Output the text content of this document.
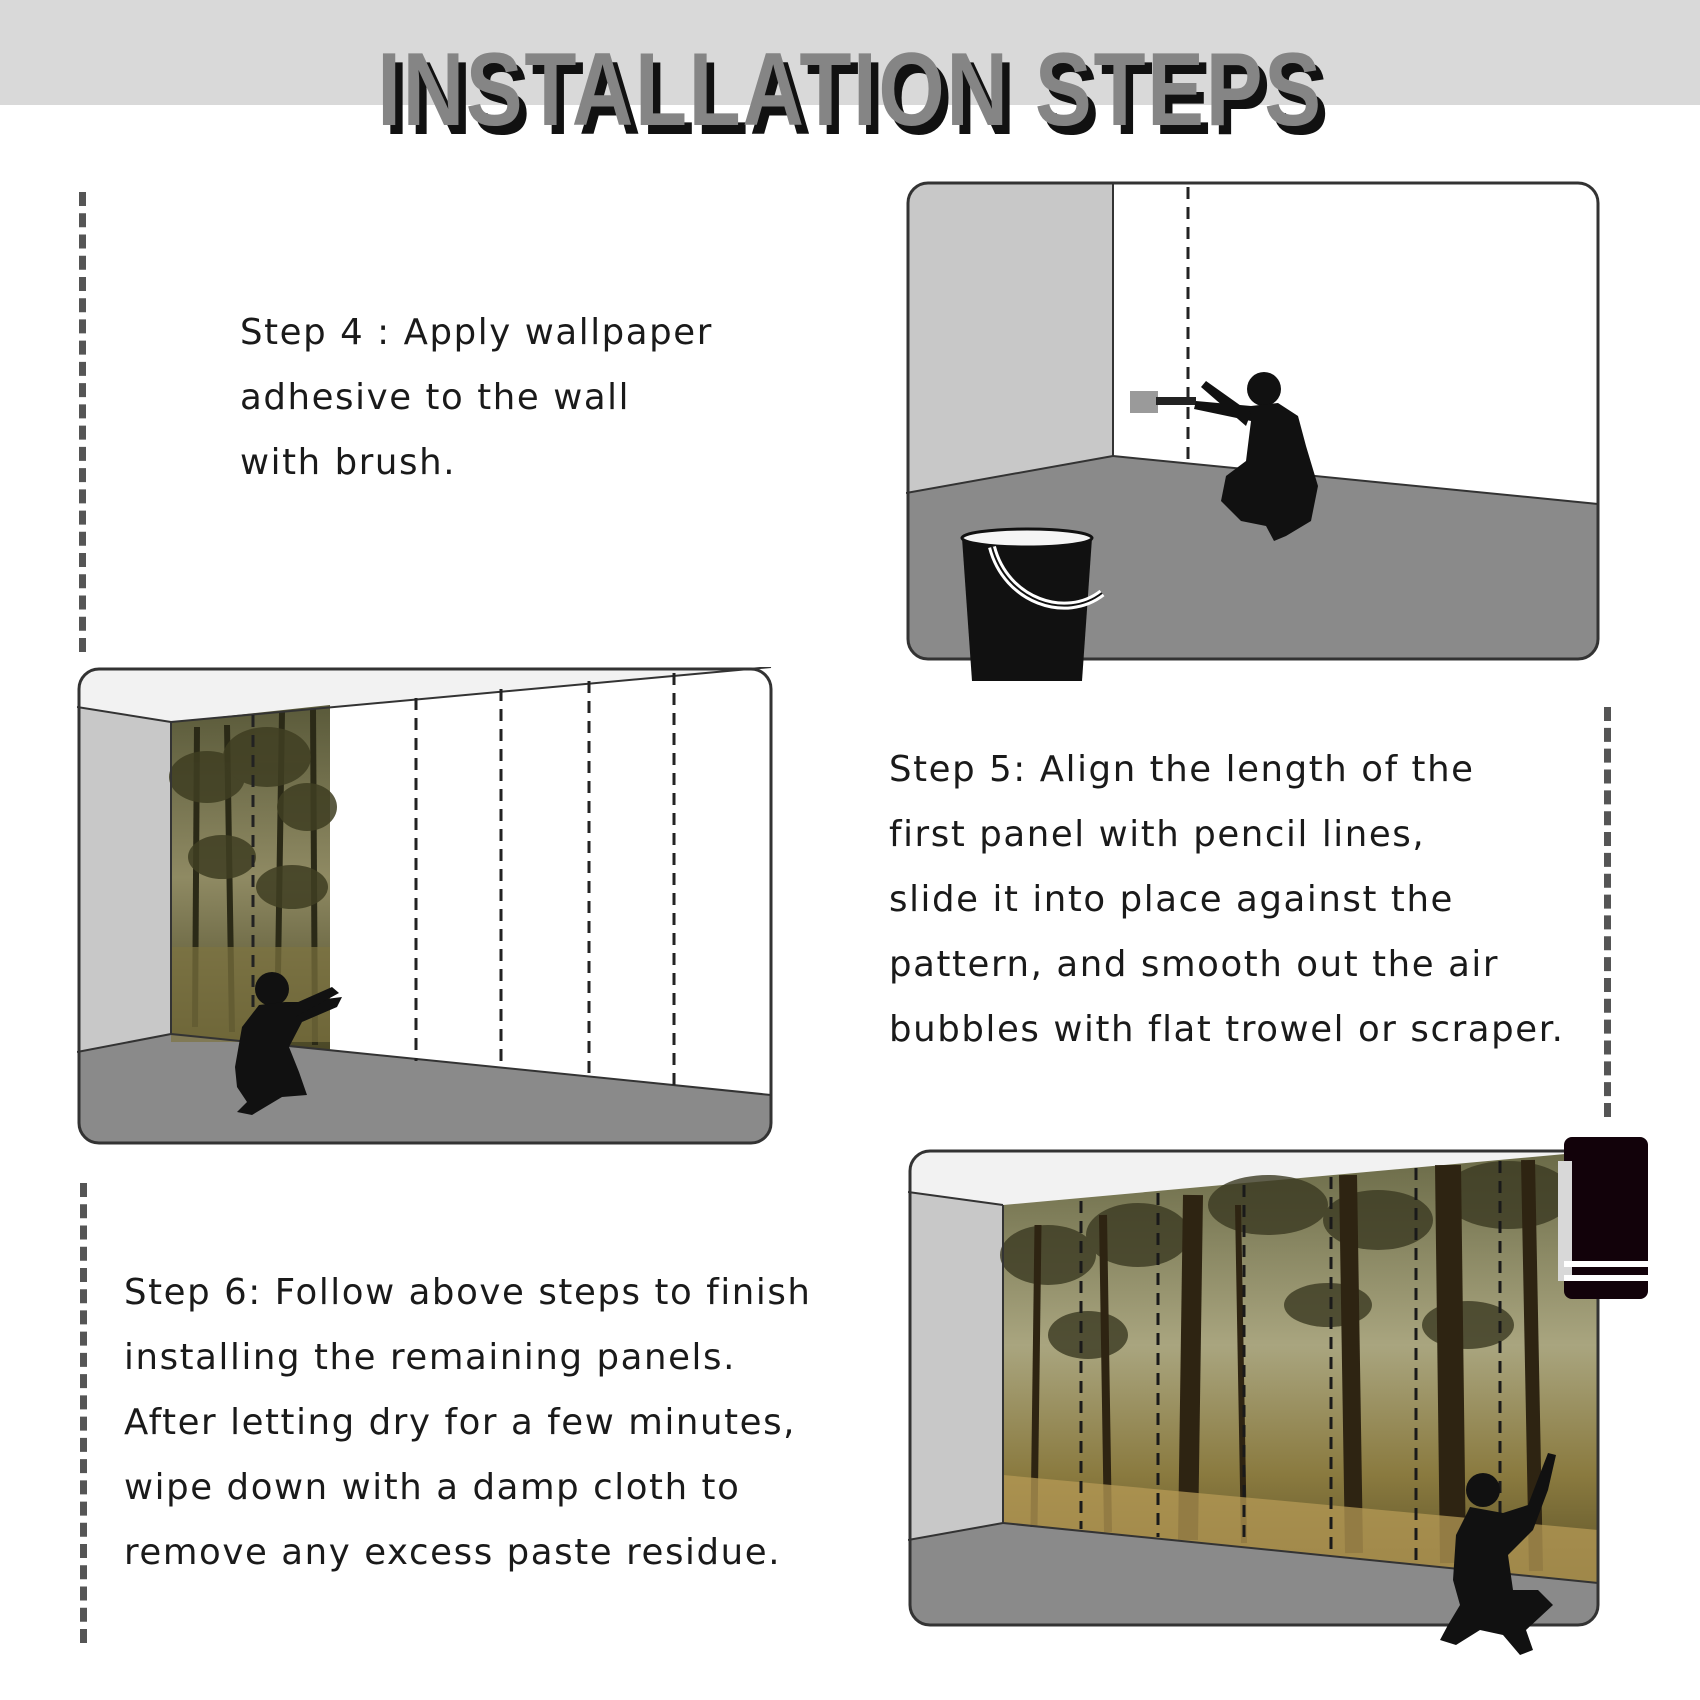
INSTALLATION STEPS
Step 4 : Apply wallpaper
adhesive to the wall
with brush.
Step 5: Align the length of the
first panel with pencil lines,
slide it into place against the
pattern, and smooth out the air
bubbles with flat trowel or scraper.
Step 6: Follow above steps to finish
installing the remaining panels.
After letting dry for a few minutes,
wipe down with a damp cloth to
remove any excess paste residue.
